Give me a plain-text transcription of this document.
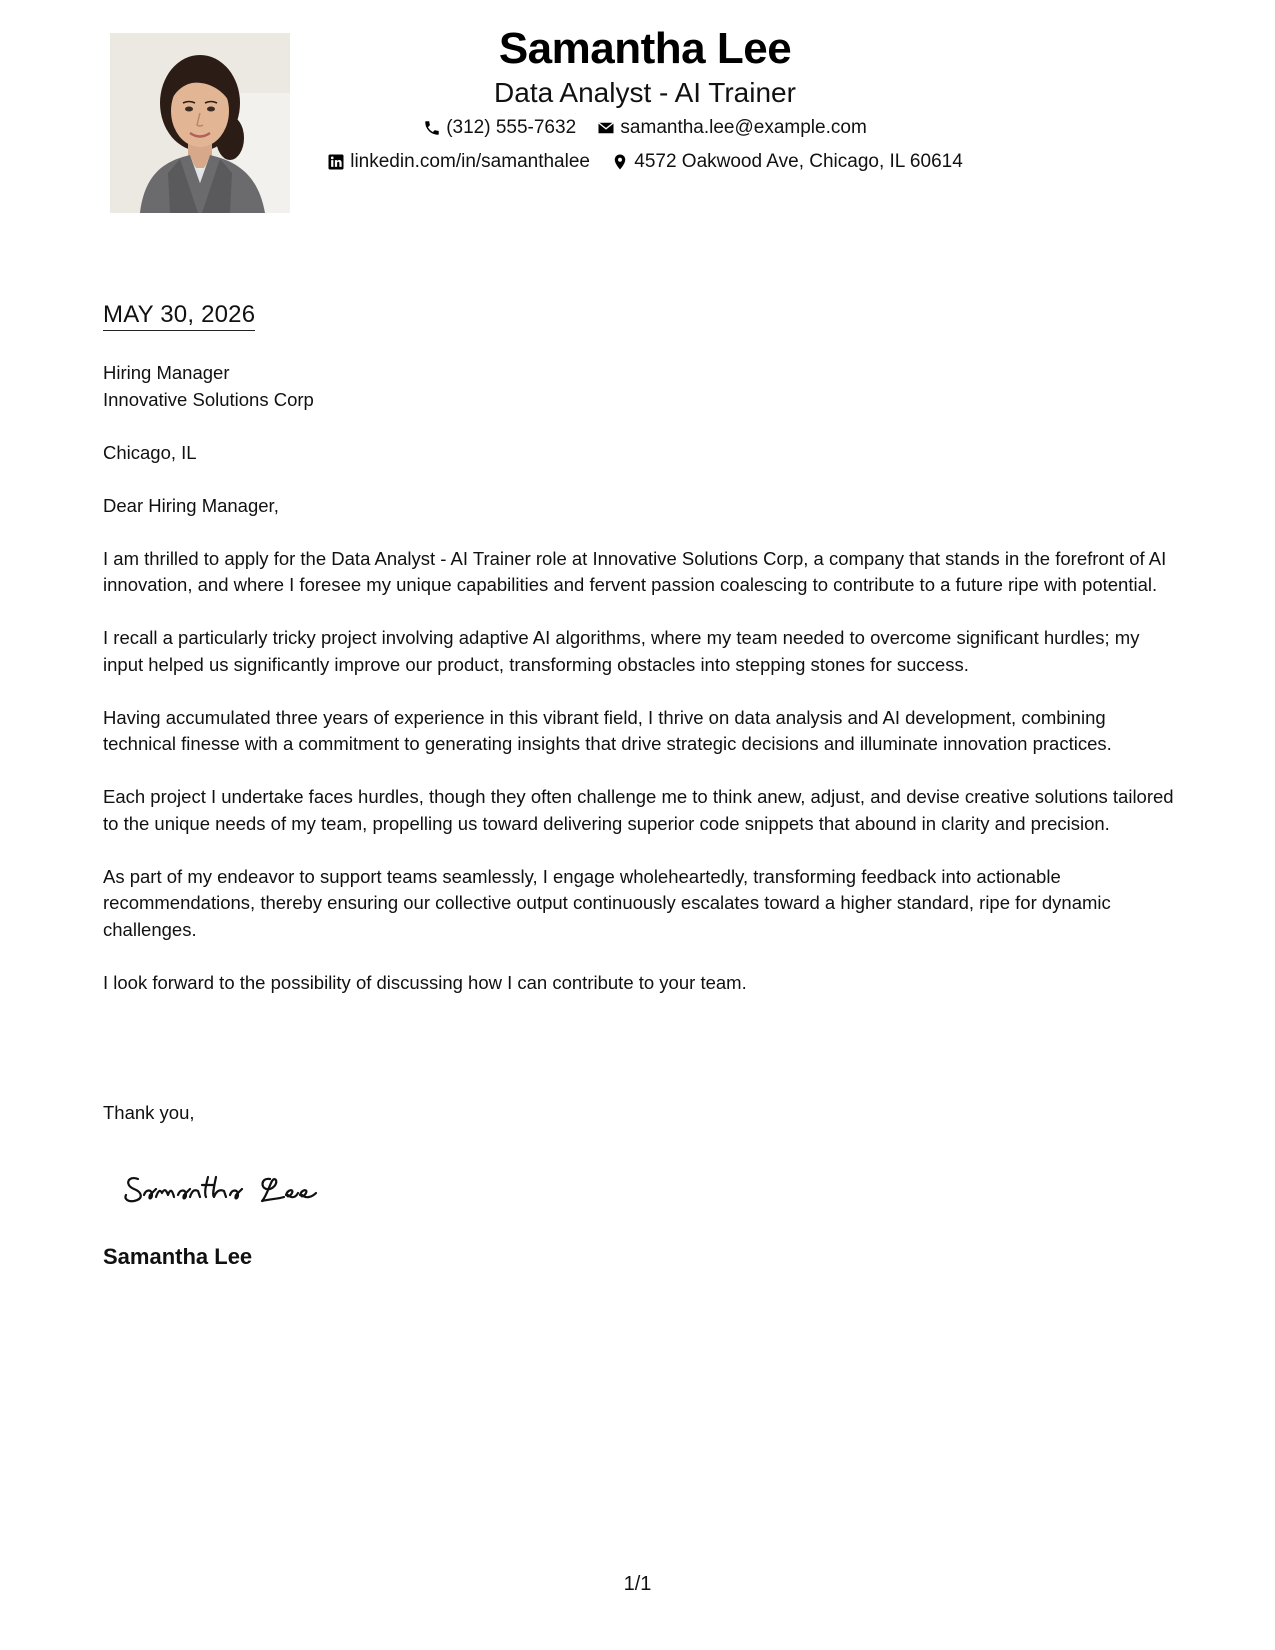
Samantha Lee
Data Analyst - AI Trainer
(312) 555-7632
samantha.lee@example.com
linkedin.com/in/samanthalee
4572 Oakwood Ave, Chicago, IL 60614
MAY 30, 2026

Hiring Manager
Innovative Solutions Corp

Chicago, IL

Dear Hiring Manager,

I am thrilled to apply for the Data Analyst - AI Trainer role at Innovative Solutions Corp, a company that stands in the forefront of AI innovation, and where I foresee my unique capabilities and fervent passion coalescing to contribute to a future ripe with potential.

I recall a particularly tricky project involving adaptive AI algorithms, where my team needed to overcome significant hurdles; my input helped us significantly improve our product, transforming obstacles into stepping stones for success.

Having accumulated three years of experience in this vibrant field, I thrive on data analysis and AI development, combining technical finesse with a commitment to generating insights that drive strategic decisions and illuminate innovation practices.

Each project I undertake faces hurdles, though they often challenge me to think anew, adjust, and devise creative solutions tailored to the unique needs of my team, propelling us toward delivering superior code snippets that abound in clarity and precision.

As part of my endeavor to support teams seamlessly, I engage wholeheartedly, transforming feedback into actionable recommendations, thereby ensuring our collective output continuously escalates toward a higher standard, ripe for dynamic challenges.

I look forward to the possibility of discussing how I can contribute to your team.

Thank you,
Samantha Lee
1/1
